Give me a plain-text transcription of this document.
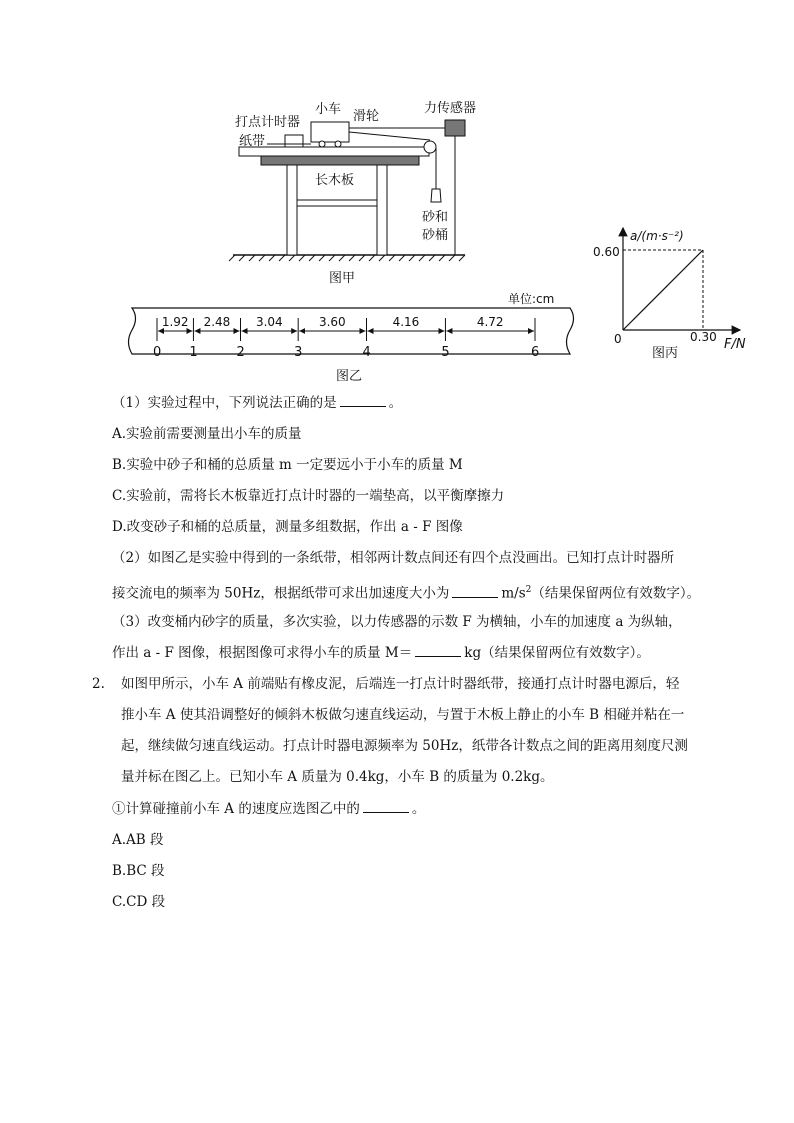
打点计时器
小车 滑轮
力传感器
纸带
长木板
砂和
砂桶
图甲
单位:cm
0 1	2	3	4	5	6
1.92 2.48 3.04	3.60	4.16	4.72
图乙
0.60
0	0.30
a/(m·s⁻²)
F/N
图丙
（1）实验过程中，下列说法正确的是	。
A.实验前需要测量出小车的质量
B.实验中砂子和桶的总质量 m 一定要远小于小车的质量 M
C.实验前，需将长木板靠近打点计时器的一端垫高，以平衡摩擦力
D.改变砂子和桶的总质量，测量多组数据，作出 a - F 图像
（2）如图乙是实验中得到的一条纸带，相邻两计数点间还有四个点没画出。已知打点计时器所
接交流电的频率为 50Hz，根据纸带可求出加速度大小为	$m/s^2$（结果保留两位有效数字）。
（3）改变桶内砂字的质量，多次实验，以力传感器的示数 F 为横轴，小车的加速度 a 为纵轴，
作出 a - F 图像，根据图像可求得小车的质量 M＝	kg（结果保留两位有效数字）。
2.	如图甲所示，小车 A 前端贴有橡皮泥，后端连一打点计时器纸带，接通打点计时器电源后，轻
推小车 A 使其沿调整好的倾斜木板做匀速直线运动，与置于木板上静止的小车 B 相碰并粘在一
起，继续做匀速直线运动。打点计时器电源频率为 50Hz，纸带各计数点之间的距离用刻度尺测
量并标在图乙上。已知小车 A 质量为 0.4kg，小车 B 的质量为 0.2kg。
①计算碰撞前小车 A 的速度应选图乙中的	。
A.AB 段
B.BC 段
C.CD 段
